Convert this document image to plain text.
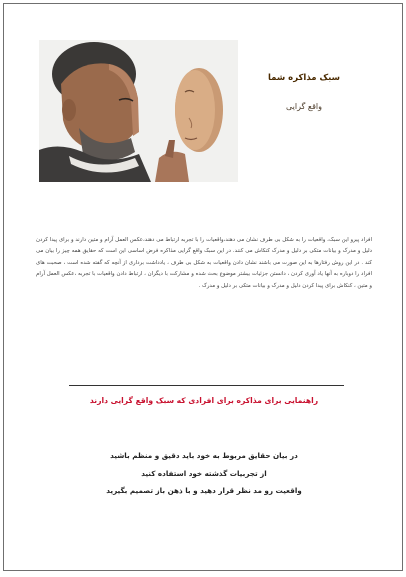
سبک مذاکره شما
واقع گرایی
افراد پیرو این سبک، واقعیات را به شکل بی طرف نشان می دهند،واقعیات را با تجربه ارتباط می دهند،عکس العمل آرام و متین دارند و برای پیدا کردن دلیل و مدرک و بیانات متکی بر دلیل و مدرک کنکاش می کنند. در این سبک واقع گرایی مذاکره فرض اساسی این است که حقایق همه چیز را بیان می کند . در این روش رفتارها به این صورت می باشند نشان دادن واقعیات به شکل بی طرف ، یادداشت برداری از آنچه که گفته شده است ، صحبت های افراد را دوباره به آنها یاد آوری کردن ، دانستن جزئیات بیشتر موضوع بحث شده و مشارکت با دیگران ، ارتباط دادن واقعیات با تجربه ،عکس العمل آرام و متین ، کنکاش برای پیدا کردن دلیل و مدرک و بیانات متکی بر دلیل و مدرک .
راهنمایی برای مذاکره برای افرادی که سبک واقع گرایی دارند
در بیان حقایق مربوط به خود باید دقیق و منظم باشید
از تجربیات گذشته خود استفاده کنید
واقعیت رو مد نظر قرار دهید و با ذهن باز تصمیم بگیرید
